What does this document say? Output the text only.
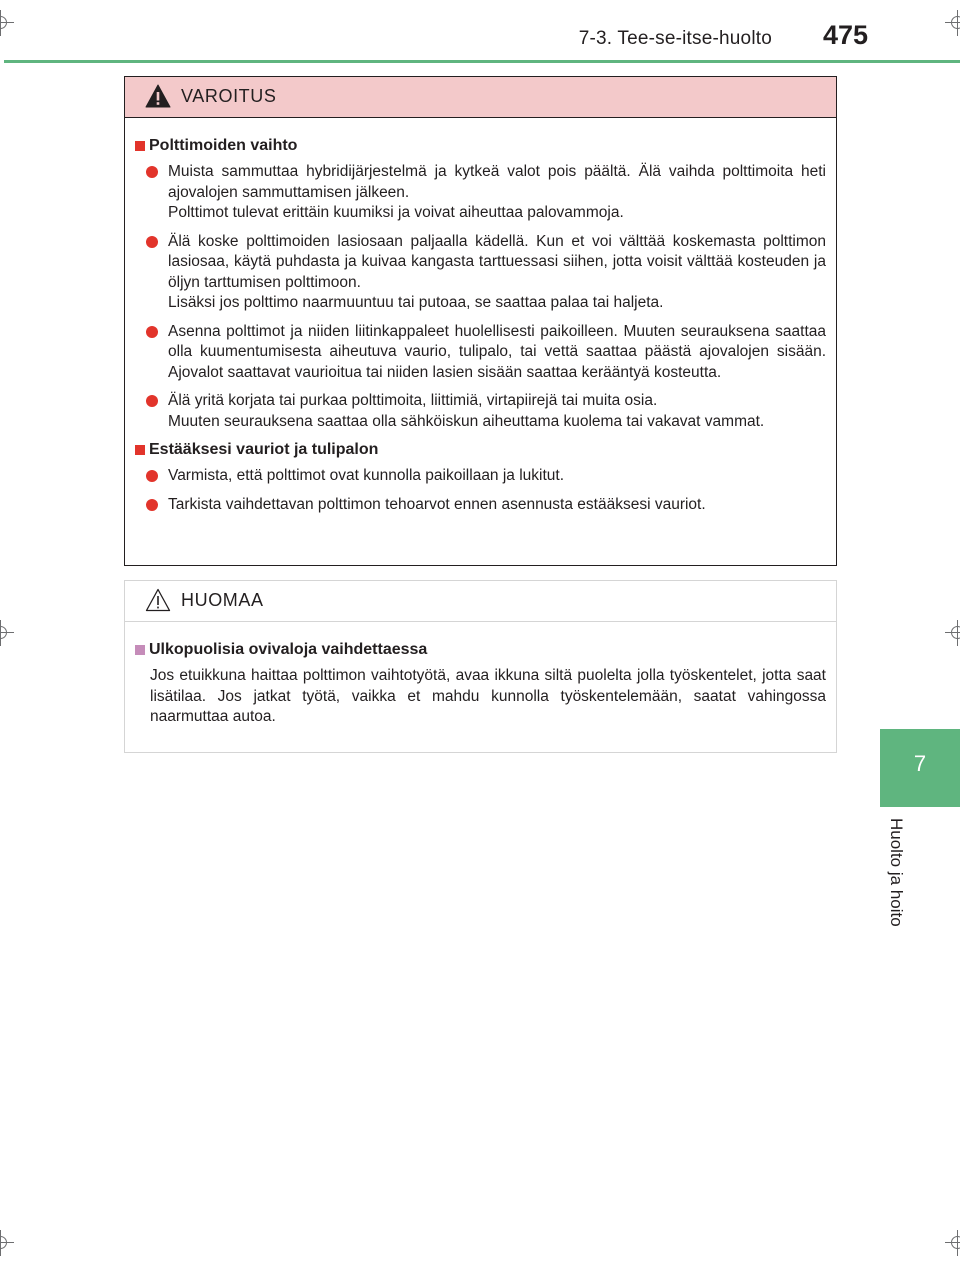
7-3. Tee-se-itse-huolto 475
7
Huolto ja hoito
VAROITUS
Polttimoiden vaihto
Muista sammuttaa hybridijärjestelmä ja kytkeä valot pois päältä. Älä vaihda polttimoita heti ajovalojen sammuttamisen jälkeen.
Polttimot tulevat erittäin kuumiksi ja voivat aiheuttaa palovammoja.
Älä koske polttimoiden lasiosaan paljaalla kädellä. Kun et voi välttää koskemasta polttimon lasiosaa, käytä puhdasta ja kuivaa kangasta tarttuessasi siihen, jotta voisit välttää kosteuden ja öljyn tarttumisen polttimoon.
Lisäksi jos polttimo naarmuuntuu tai putoaa, se saattaa palaa tai haljeta.
Asenna polttimot ja niiden liitinkappaleet huolellisesti paikoilleen. Muuten seurauksena saattaa olla kuumentumisesta aiheutuva vaurio, tulipalo, tai vettä saattaa päästä ajovalojen sisään. Ajovalot saattavat vaurioitua tai niiden lasien sisään saattaa kerääntyä kosteutta.
Älä yritä korjata tai purkaa polttimoita, liittimiä, virtapiirejä tai muita osia.
Muuten seurauksena saattaa olla sähköiskun aiheuttama kuolema tai vakavat vammat.
Estääksesi vauriot ja tulipalon
Varmista, että polttimot ovat kunnolla paikoillaan ja lukitut.
Tarkista vaihdettavan polttimon tehoarvot ennen asennusta estääksesi vauriot.
HUOMAA
Ulkopuolisia ovivaloja vaihdettaessa
Jos etuikkuna haittaa polttimon vaihtotyötä, avaa ikkuna siltä puolelta jolla työskentelet, jotta saat lisätilaa. Jos jatkat työtä, vaikka et mahdu kunnolla työskentelemään, saatat vahingossa naarmuttaa autoa.
